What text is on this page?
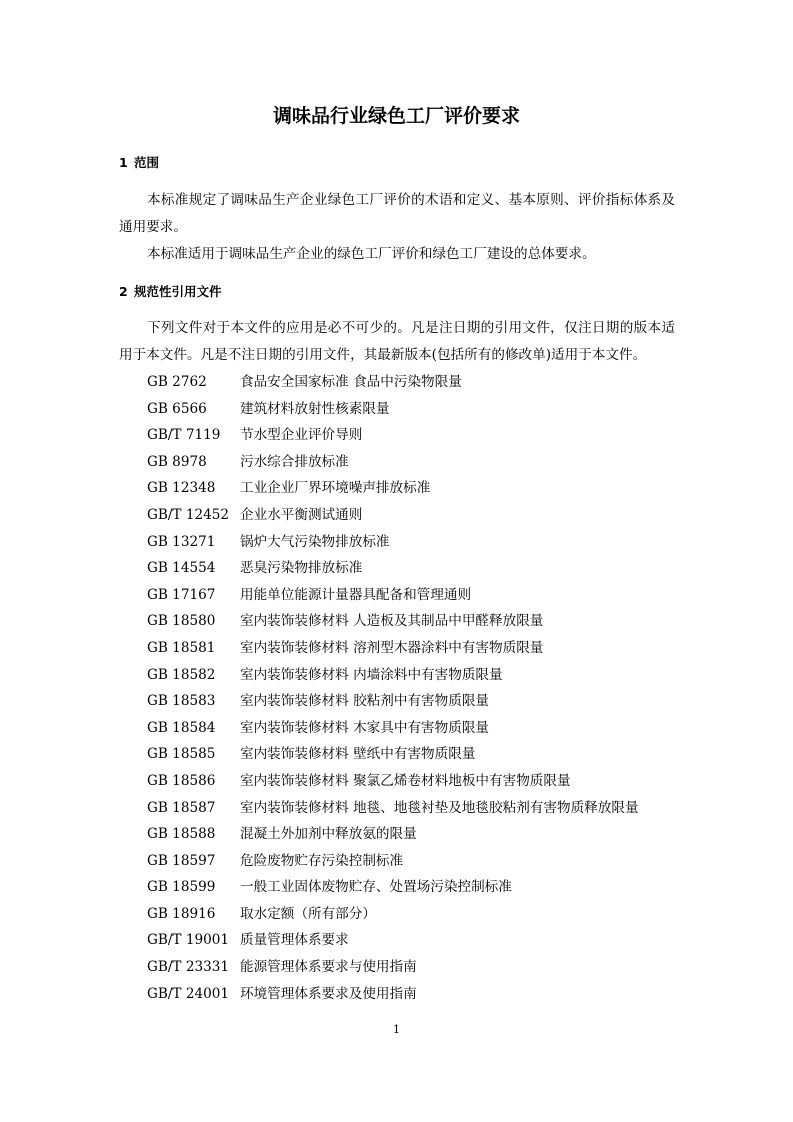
调味品行业绿色工厂评价要求
1 范围
本标准规定了调味品生产企业绿色工厂评价的术语和定义、基本原则、评价指标体系及通用要求。
本标准适用于调味品生产企业的绿色工厂评价和绿色工厂建设的总体要求。
2 规范性引用文件
下列文件对于本文件的应用是必不可少的。凡是注日期的引用文件，仅注日期的版本适用于本文件。凡是不注日期的引用文件，其最新版本(包括所有的修改单)适用于本文件。
GB 2762 食品安全国家标准 食品中污染物限量
GB 6566 建筑材料放射性核素限量
GB/T 7119 节水型企业评价导则
GB 8978 污水综合排放标准
GB 12348 工业企业厂界环境噪声排放标准
GB/T 12452 企业水平衡测试通则
GB 13271 锅炉大气污染物排放标准
GB 14554 恶臭污染物排放标准
GB 17167 用能单位能源计量器具配备和管理通则
GB 18580 室内装饰装修材料 人造板及其制品中甲醛释放限量
GB 18581 室内装饰装修材料 溶剂型木器涂料中有害物质限量
GB 18582 室内装饰装修材料 内墙涂料中有害物质限量
GB 18583 室内装饰装修材料 胶粘剂中有害物质限量
GB 18584 室内装饰装修材料 木家具中有害物质限量
GB 18585 室内装饰装修材料 壁纸中有害物质限量
GB 18586 室内装饰装修材料 聚氯乙烯卷材料地板中有害物质限量
GB 18587 室内装饰装修材料 地毯、地毯衬垫及地毯胶粘剂有害物质释放限量
GB 18588 混凝土外加剂中释放氨的限量
GB 18597 危险废物贮存污染控制标准
GB 18599 一般工业固体废物贮存、处置场污染控制标准
GB 18916 取水定额（所有部分）
GB/T 19001 质量管理体系要求
GB/T 23331 能源管理体系要求与使用指南
GB/T 24001 环境管理体系要求及使用指南
1
